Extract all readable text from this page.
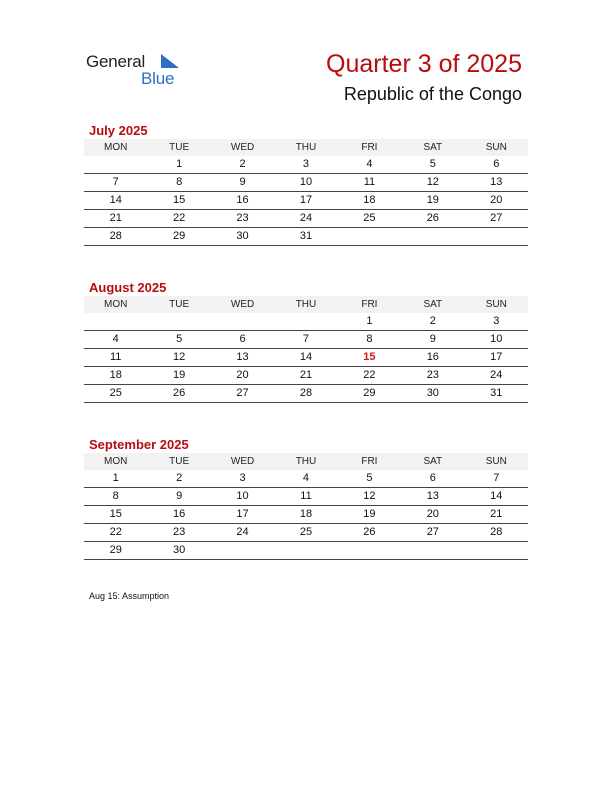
General
Blue
Quarter 3 of 2025
Republic of the Congo
July 2025
MON	TUE	WED	THU	FRI	SAT	SUN
	1	2	3	4	5	6
7	8	9	10	11	12	13
14	15	16	17	18	19	20
21	22	23	24	25	26	27
28	29	30	31			
August 2025
MON	TUE	WED	THU	FRI	SAT	SUN
				1	2	3
4	5	6	7	8	9	10
11	12	13	14	15	16	17
18	19	20	21	22	23	24
25	26	27	28	29	30	31
September 2025
MON	TUE	WED	THU	FRI	SAT	SUN
1	2	3	4	5	6	7
8	9	10	11	12	13	14
15	16	17	18	19	20	21
22	23	24	25	26	27	28
29	30					
Aug 15: Assumption
